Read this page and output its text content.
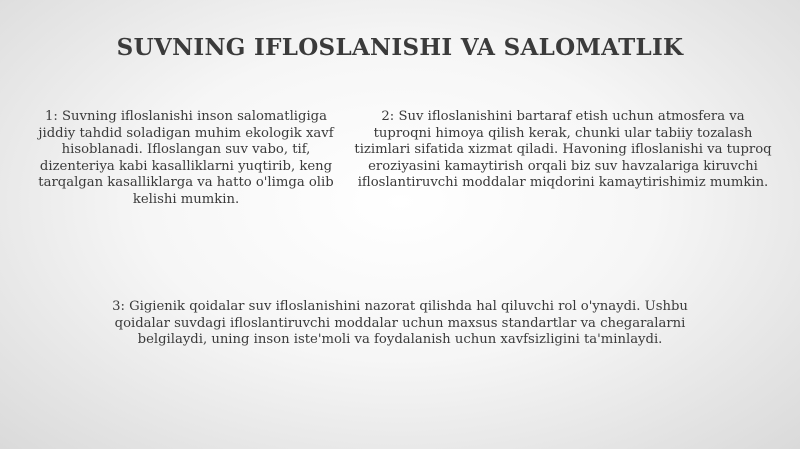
SUVNING IFLOSLANISHI VA SALOMATLIK

1: Suvning ifloslanishi inson salomatligiga jiddiy tahdid soladigan muhim ekologik xavf hisoblanadi. Ifloslangan suv vabo, tif, dizenteriya kabi kasalliklarni yuqtirib, keng tarqalgan kasalliklarga va hatto o'limga olib kelishi mumkin.

2: Suv ifloslanishini bartaraf etish uchun atmosfera va tuproqni himoya qilish kerak, chunki ular tabiiy tozalash tizimlari sifatida xizmat qiladi. Havoning ifloslanishi va tuproq eroziyasini kamaytirish orqali biz suv havzalariga kiruvchi ifloslantiruvchi moddalar miqdorini kamaytirishimiz mumkin.

3: Gigienik qoidalar suv ifloslanishini nazorat qilishda hal qiluvchi rol o'ynaydi. Ushbu qoidalar suvdagi ifloslantiruvchi moddalar uchun maxsus standartlar va chegaralarni belgilaydi, uning inson iste'moli va foydalanish uchun xavfsizligini ta'minlaydi.
